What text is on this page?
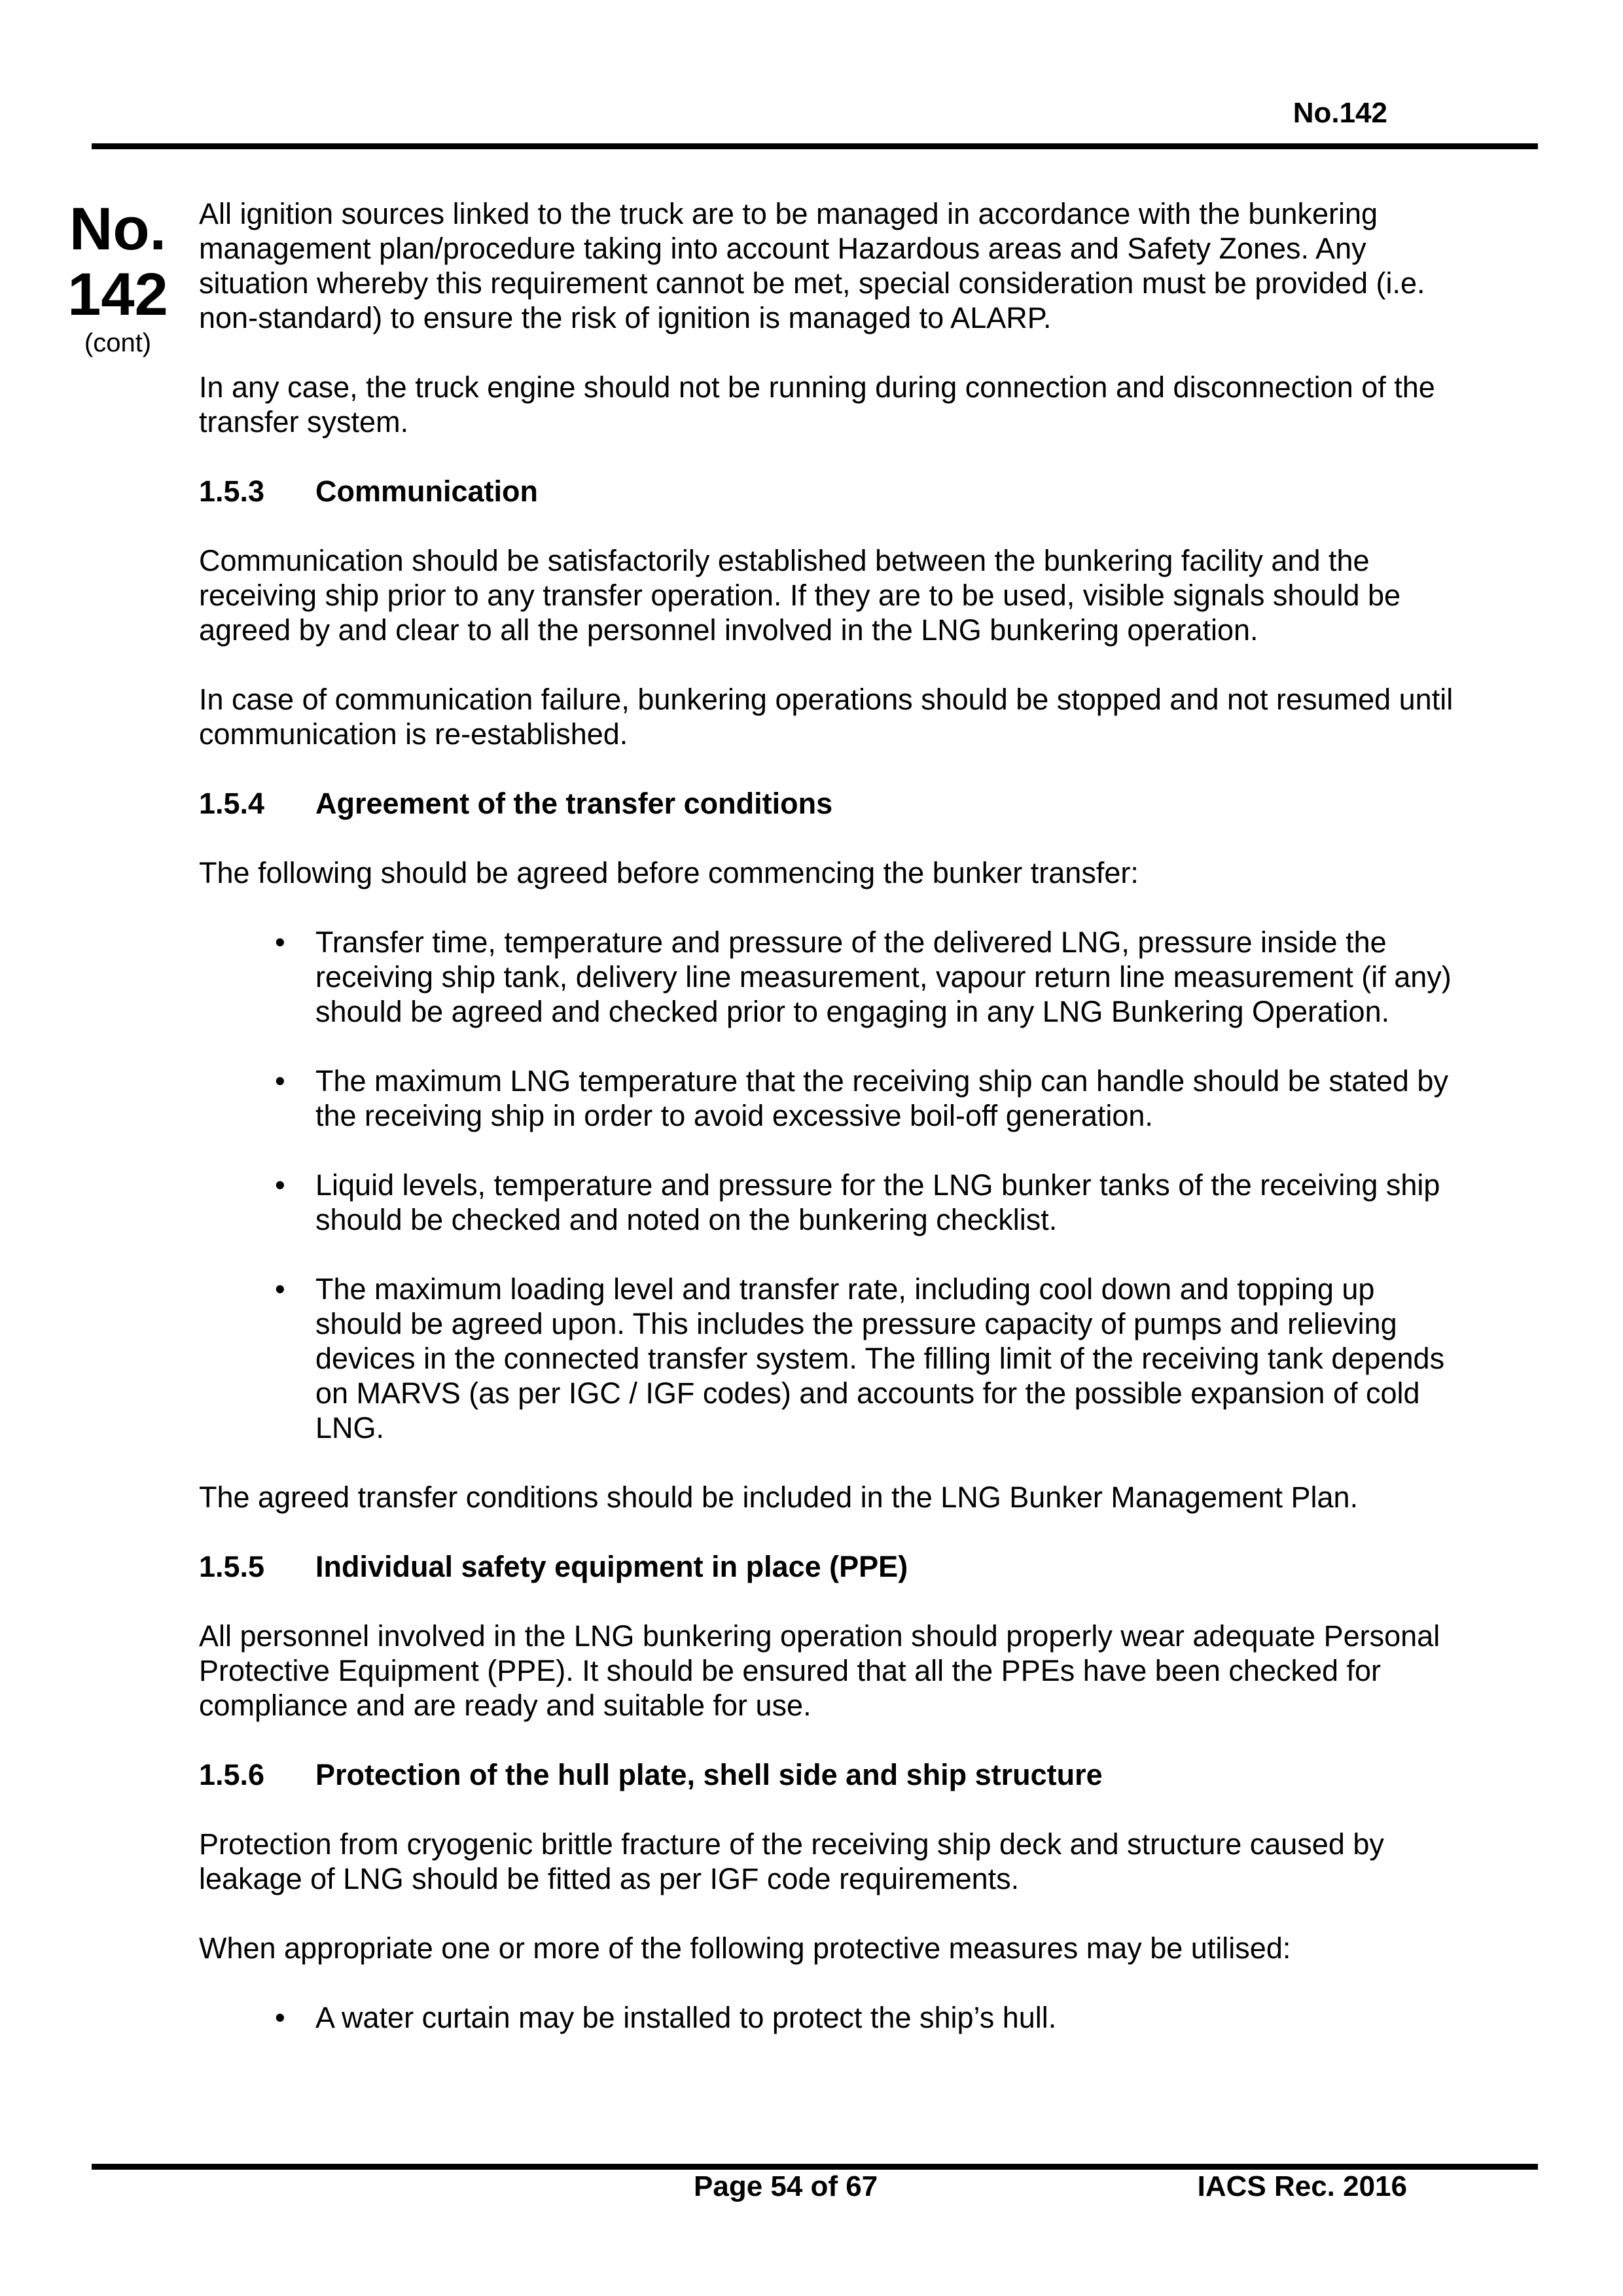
No.142
No.
142
(cont)

All ignition sources linked to the truck are to be managed in accordance with the bunkering management plan/procedure taking into account Hazardous areas and Safety Zones. Any situation whereby this requirement cannot be met, special consideration must be provided (i.e. non-standard) to ensure the risk of ignition is managed to ALARP.

In any case, the truck engine should not be running during connection and disconnection of the transfer system.

1.5.3	Communication

Communication should be satisfactorily established between the bunkering facility and the receiving ship prior to any transfer operation. If they are to be used, visible signals should be agreed by and clear to all the personnel involved in the LNG bunkering operation.

In case of communication failure, bunkering operations should be stopped and not resumed until communication is re-established.

1.5.4	Agreement of the transfer conditions

The following should be agreed before commencing the bunker transfer:

• Transfer time, temperature and pressure of the delivered LNG, pressure inside the receiving ship tank, delivery line measurement, vapour return line measurement (if any) should be agreed and checked prior to engaging in any LNG Bunkering Operation.
• The maximum LNG temperature that the receiving ship can handle should be stated by the receiving ship in order to avoid excessive boil-off generation.
• Liquid levels, temperature and pressure for the LNG bunker tanks of the receiving ship should be checked and noted on the bunkering checklist.
• The maximum loading level and transfer rate, including cool down and topping up should be agreed upon. This includes the pressure capacity of pumps and relieving devices in the connected transfer system. The filling limit of the receiving tank depends on MARVS (as per IGC / IGF codes) and accounts for the possible expansion of cold LNG.

The agreed transfer conditions should be included in the LNG Bunker Management Plan.

1.5.5	Individual safety equipment in place (PPE)

All personnel involved in the LNG bunkering operation should properly wear adequate Personal Protective Equipment (PPE). It should be ensured that all the PPEs have been checked for compliance and are ready and suitable for use.

1.5.6	Protection of the hull plate, shell side and ship structure

Protection from cryogenic brittle fracture of the receiving ship deck and structure caused by leakage of LNG should be fitted as per IGF code requirements.

When appropriate one or more of the following protective measures may be utilised:

• A water curtain may be installed to protect the ship’s hull.
Page 54 of 67	IACS Rec. 2016
